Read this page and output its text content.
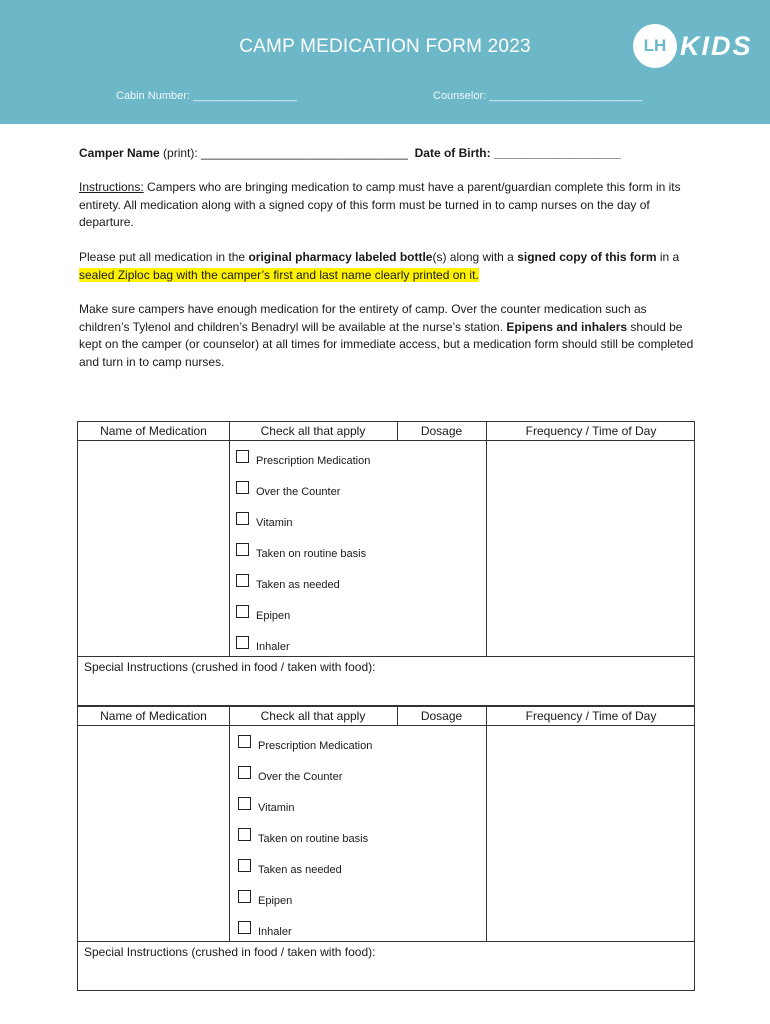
CAMP MEDICATION FORM 2023
Cabin Number: _________________	Counselor: _________________________
LH KIDS

Camper Name (print): _______________________________ Date of Birth: ___________________

Instructions: Campers who are bringing medication to camp must have a parent/guardian complete this form in its entirety. All medication along with a signed copy of this form must be turned in to camp nurses on the day of departure.

Please put all medication in the original pharmacy labeled bottle(s) along with a signed copy of this form in a sealed Ziploc bag with the camper’s first and last name clearly printed on it.

Make sure campers have enough medication for the entirety of camp. Over the counter medication such as children’s Tylenol and children’s Benadryl will be available at the nurse’s station. Epipens and inhalers should be kept on the camper (or counselor) at all times for immediate access, but a medication form should still be completed and turn in to camp nurses.

Name of Medication	Check all that apply	Dosage	Frequency / Time of Day
Prescription Medication
Over the Counter
Vitamin
Taken on routine basis
Taken as needed
Epipen
Inhaler
Special Instructions (crushed in food / taken with food):
Name of Medication	Check all that apply	Dosage	Frequency / Time of Day
Prescription Medication
Over the Counter
Vitamin
Taken on routine basis
Taken as needed
Epipen
Inhaler
Special Instructions (crushed in food / taken with food):
